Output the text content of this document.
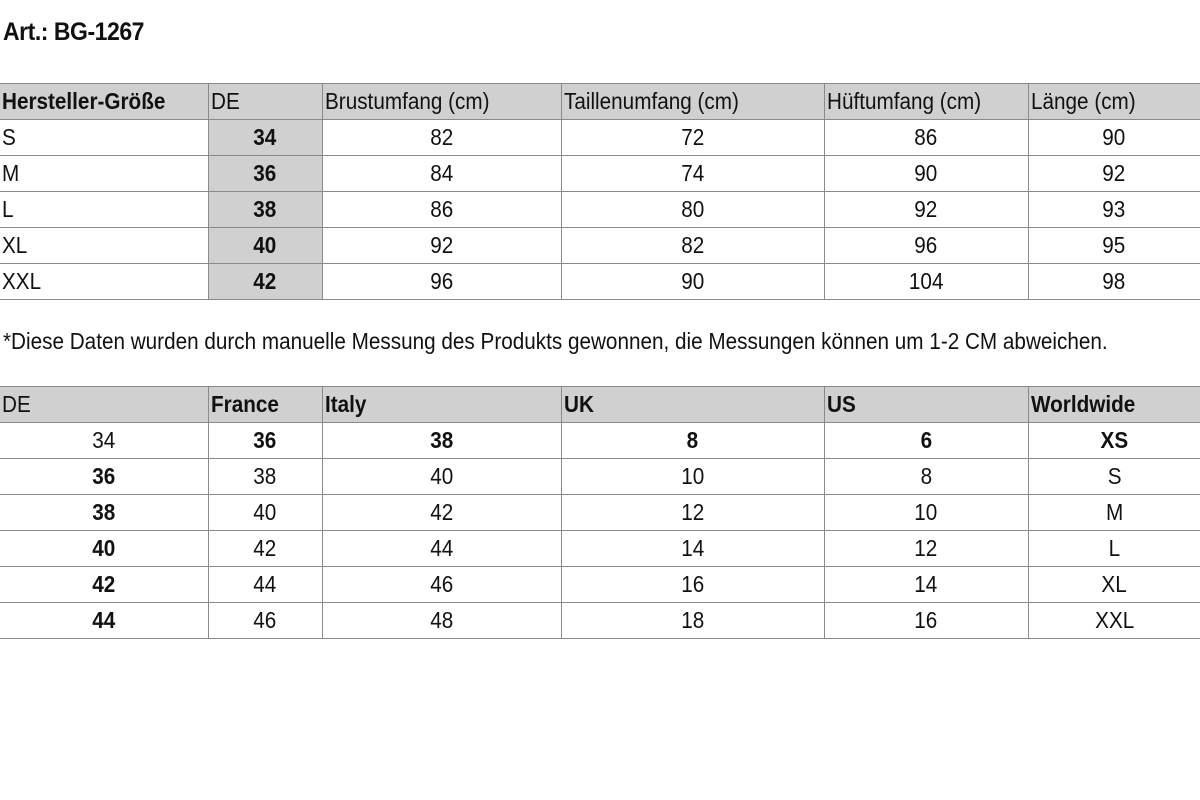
Art.: BG-1267
Hersteller-Größe	DE	Brustumfang (cm)	Taillenumfang (cm)	Hüftumfang (cm)	Länge (cm)
S	34	82	72	86	90
M	36	84	74	90	92
L	38	86	80	92	93
XL	40	92	82	96	95
XXL	42	96	90	104	98
*Diese Daten wurden durch manuelle Messung des Produkts gewonnen, die Messungen können um 1-2 CM abweichen.
DE	France	Italy	UK	US	Worldwide
34	36	38	8	6	XS
36	38	40	10	8	S
38	40	42	12	10	M
40	42	44	14	12	L
42	44	46	16	14	XL
44	46	48	18	16	XXL
